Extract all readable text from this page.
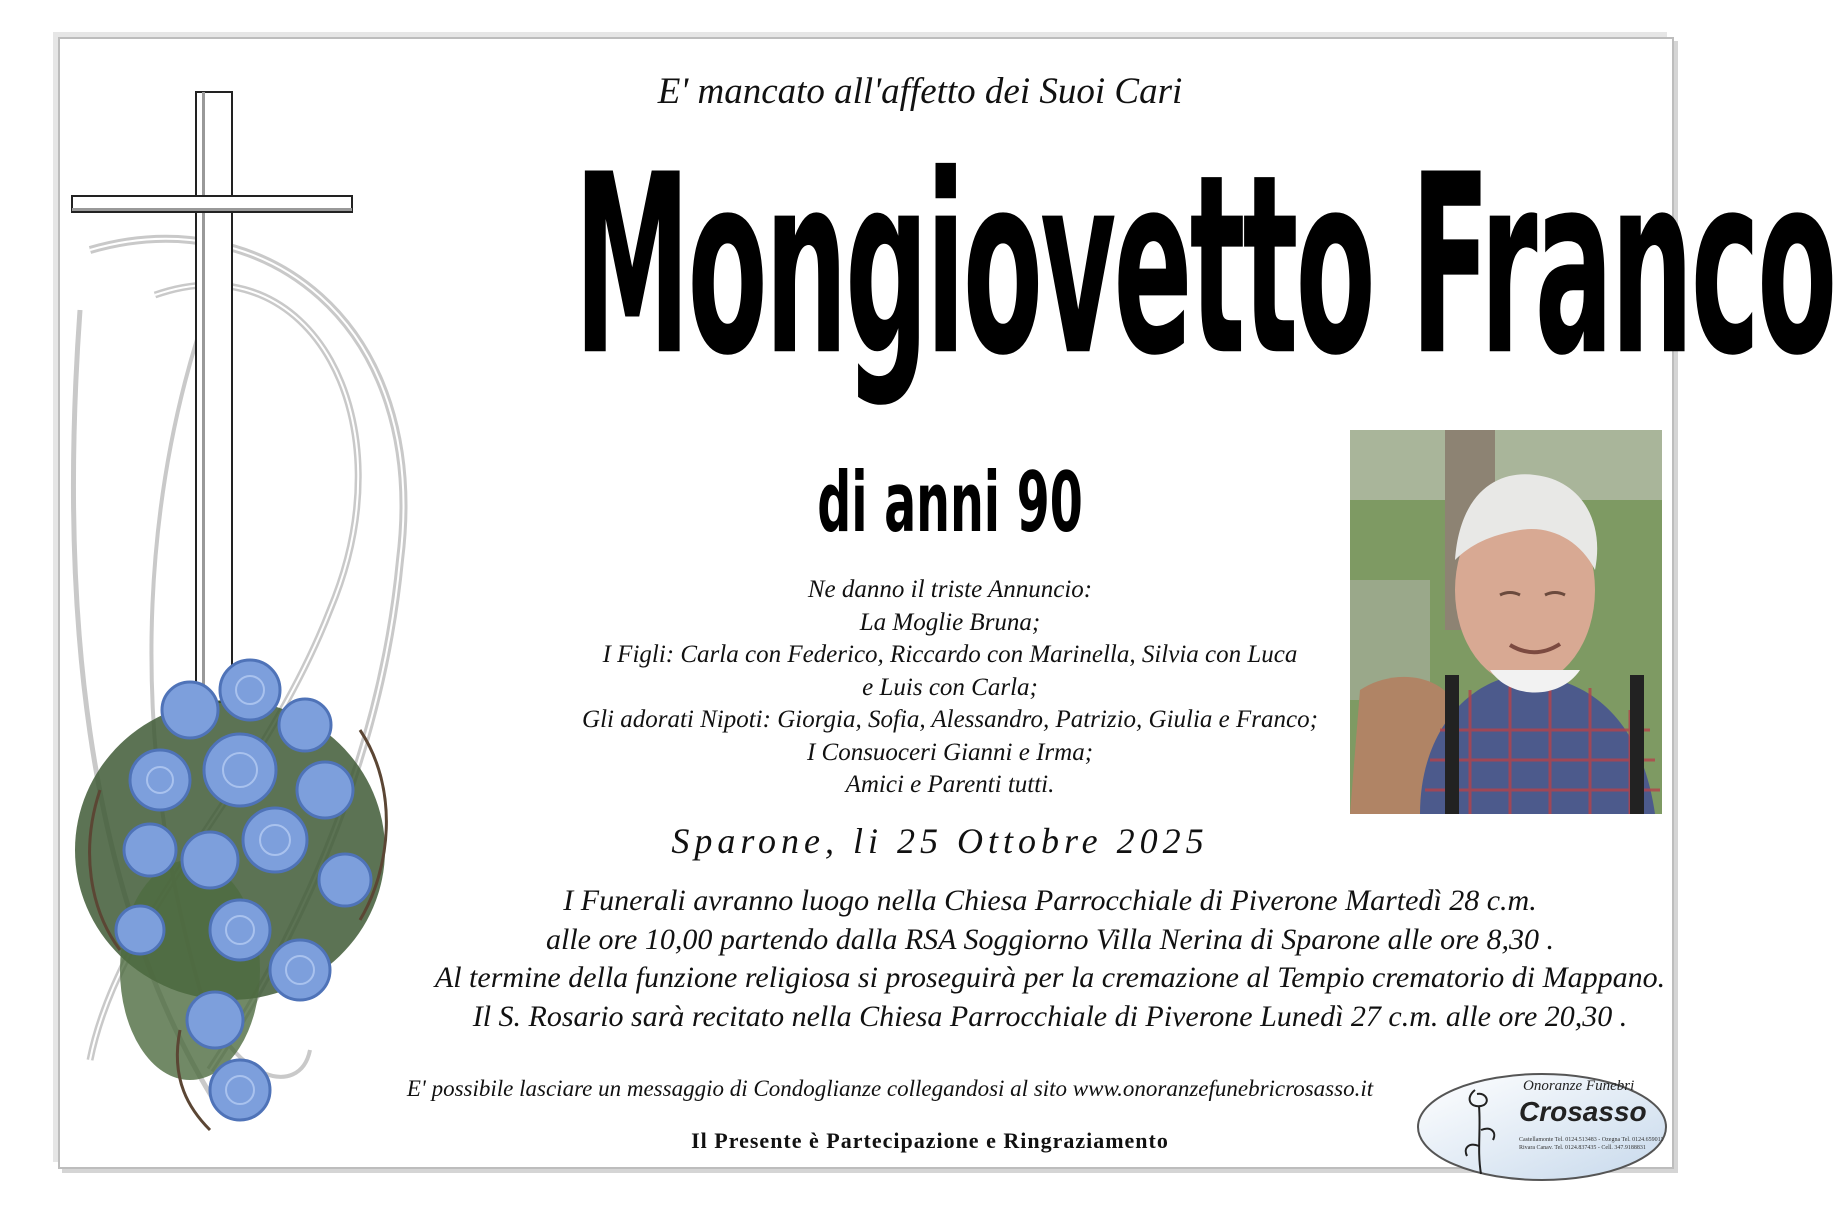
E' mancato all'affetto dei Suoi Cari
Mongiovetto Franco
di anni 90
Ne danno il triste Annuncio:
La Moglie Bruna;
I Figli: Carla con Federico, Riccardo con Marinella, Silvia con Luca
e Luis con Carla;
Gli adorati Nipoti: Giorgia, Sofia, Alessandro, Patrizio, Giulia e Franco;
I Consuoceri Gianni e Irma;
Amici e Parenti tutti.
Sparone, li 25 Ottobre 2025
I Funerali avranno luogo nella Chiesa Parrocchiale di Piverone Martedì 28 c.m.
alle ore 10,00 partendo dalla RSA Soggiorno Villa Nerina di Sparone alle ore 8,30 .
Al termine della funzione religiosa si proseguirà per la cremazione al Tempio crematorio di Mappano.
Il S. Rosario sarà recitato nella Chiesa Parrocchiale di Piverone Lunedì 27 c.m. alle ore 20,30 .
E' possibile lasciare un messaggio di Condoglianze collegandosi al sito www.onoranzefunebricrosasso.it
Il Presente è Partecipazione e Ringraziamento
Onoranze Funebri
Crosasso
Castellamonte Tel. 0124.513483 - Ozegna Tel. 0124.659011
Rivara Canav. Tel. 0124.837435 - Cell. 347.9188831
